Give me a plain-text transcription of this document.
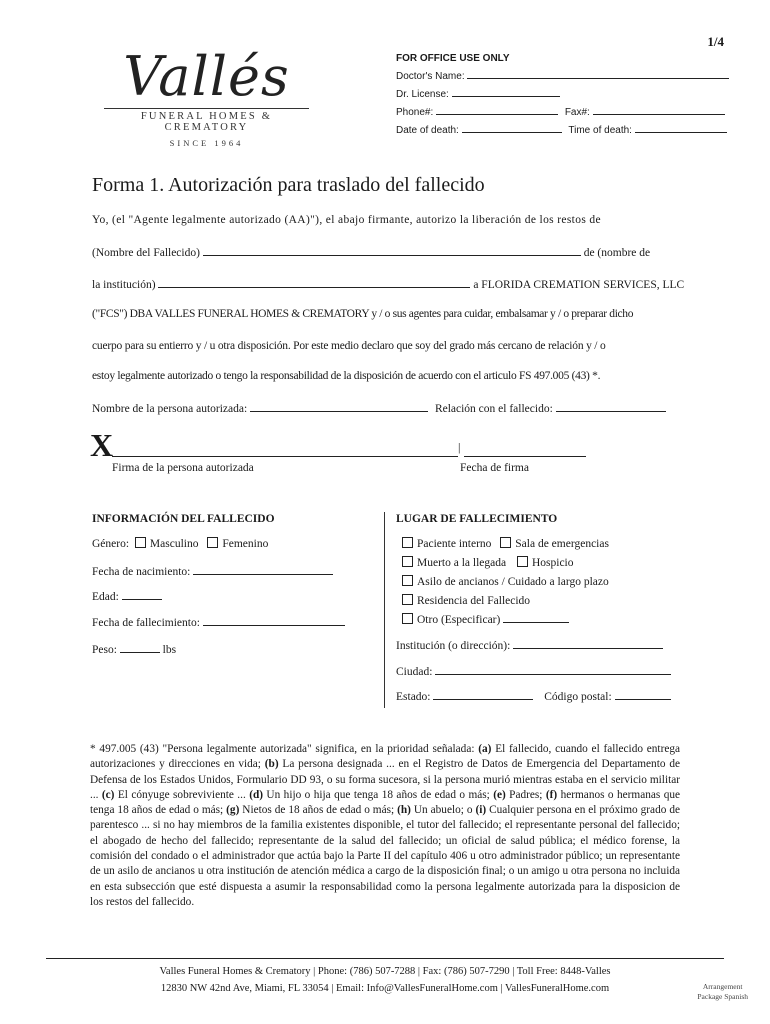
1/4
Vallés
FUNERAL HOMES & CREMATORY
SINCE 1964
FOR OFFICE USE ONLY
Doctor's Name:
Dr. License:
Phone#:	Fax#:
Date of death:	Time of death:
Forma 1. Autorización para traslado del fallecido
Yo, (el "Agente legalmente autorizado (AA)"), el abajo firmante, autorizo la liberación de los restos de
(Nombre del Fallecido)	de (nombre de
la institución)	a FLORIDA CREMATION SERVICES, LLC
("FCS") DBA VALLES FUNERAL HOMES & CREMATORY y / o sus agentes para cuidar, embalsamar y / o preparar dicho
cuerpo para su entierro y / u otra disposición. Por este medio declaro que soy del grado más cercano de relación y / o
estoy legalmente autorizado o tengo la responsabilidad de la disposición de acuerdo con el articulo FS 497.005 (43) *.
Nombre de la persona autorizada:	Relación con el fallecido:
X	|
Firma de la persona autorizada	Fecha de firma
INFORMACIÓN DEL FALLECIDO
Género: Masculino Femenino
Fecha de nacimiento:
Edad:
Fecha de fallecimiento:
Peso:	lbs
LUGAR DE FALLECIMIENTO
Paciente interno Sala de emergencias
Muerto a la llegada Hospicio
Asilo de ancianos / Cuidado a largo plazo
Residencia del Fallecido
Otro (Especificar)
Institución (o dirección):
Ciudad:
Estado:	Código postal:
* 497.005 (43) "Persona legalmente autorizada" significa, en la prioridad señalada: (a) El fallecido, cuando el fallecido entrega autorizaciones y direcciones en vida; (b) La persona designada ... en el Registro de Datos de Emergencia del Departamento de Defensa de los Estados Unidos, Formulario DD 93, o su forma sucesora, si la persona murió mientras estaba en el servicio militar ... (c) El cónyuge sobreviviente ... (d) Un hijo o hija que tenga 18 años de edad o más; (e) Padres; (f) hermanos o hermanas que tenga 18 años de edad o más; (g) Nietos de 18 años de edad o más; (h) Un abuelo; o (i) Cualquier persona en el próximo grado de parentesco ... si no hay miembros de la familia existentes disponible, el tutor del fallecido; el representante personal del fallecido; el abogado de hecho del fallecido; representante de la salud del fallecido; un oficial de salud pública; el médico forense, la comisión del condado o el administrador que actúa bajo la Parte II del capítulo 406 u otro administrador público; un representante de un asilo de ancianos u otra institución de atención médica a cargo de la disposición final; o un amigo u otra persona no incluida en esta subsección que esté dispuesta a asumir la responsabilidad como la persona legalmente autorizada para la disposicion de los restos del fallecido.
Valles Funeral Homes & Crematory | Phone: (786) 507-7288 | Fax: (786) 507-7290 | Toll Free: 8448-Valles
12830 NW 42nd Ave, Miami, FL 33054 | Email: Info@VallesFuneralHome.com | VallesFuneralHome.com	Arrangement
Package Spanish
